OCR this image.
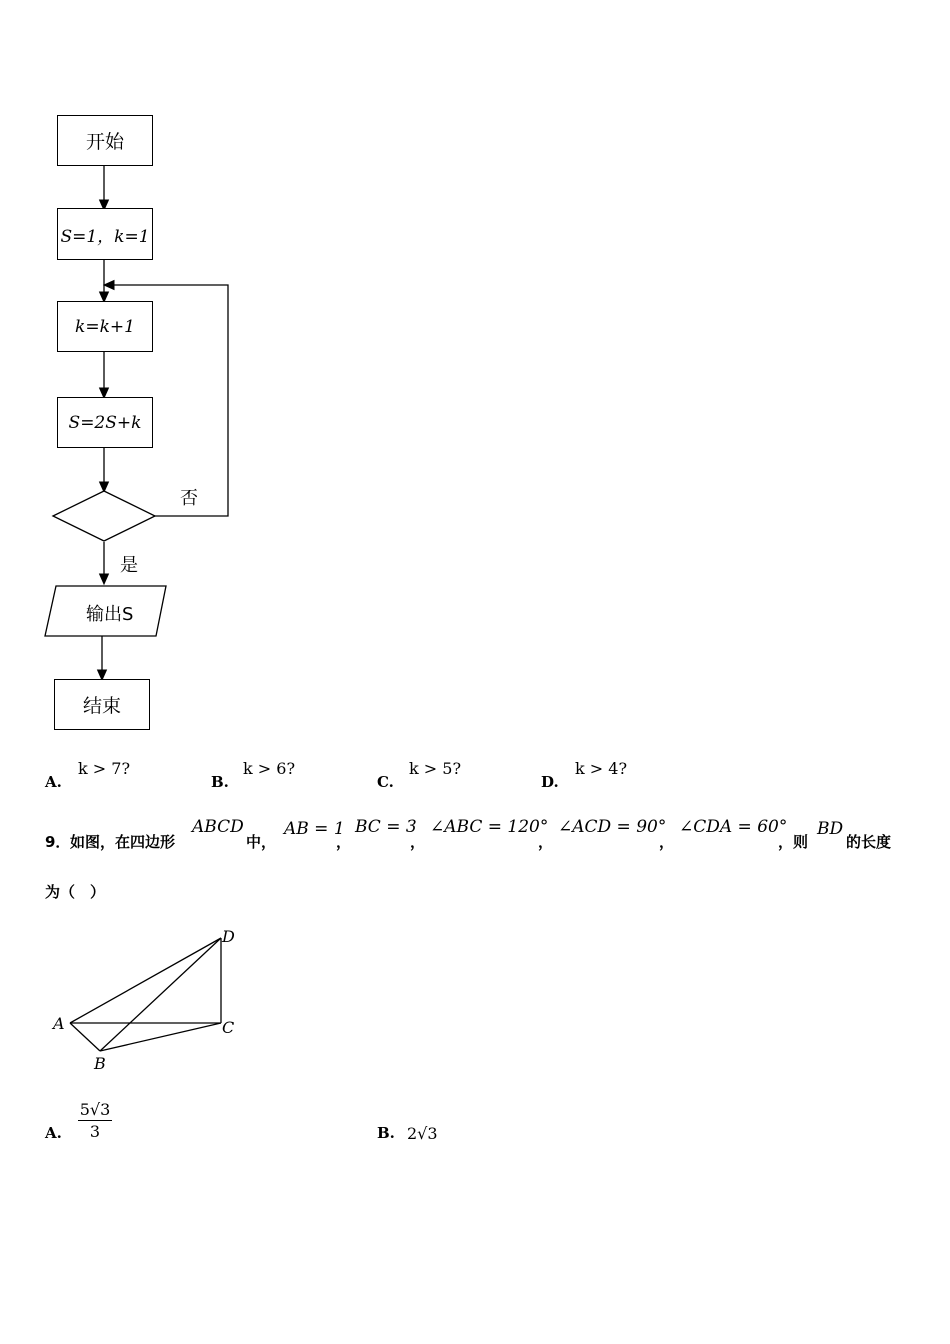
开始
S=1，k=1
k=k+1
S=2S+k
否
是
输出S
结束
A.
k > 7?
B.
k > 6?
C.
k > 5?
D.
k > 4?
9． 如图，在四边形
ABCD
中，
AB = 1
，
BC = 3
，
∠ABC = 120°
，
∠ACD = 90°
，
∠CDA = 60°
，则
BD
的长度
为（　）
D
A	C
B
A. $\frac{5√3}{3}$	B. 2√3
